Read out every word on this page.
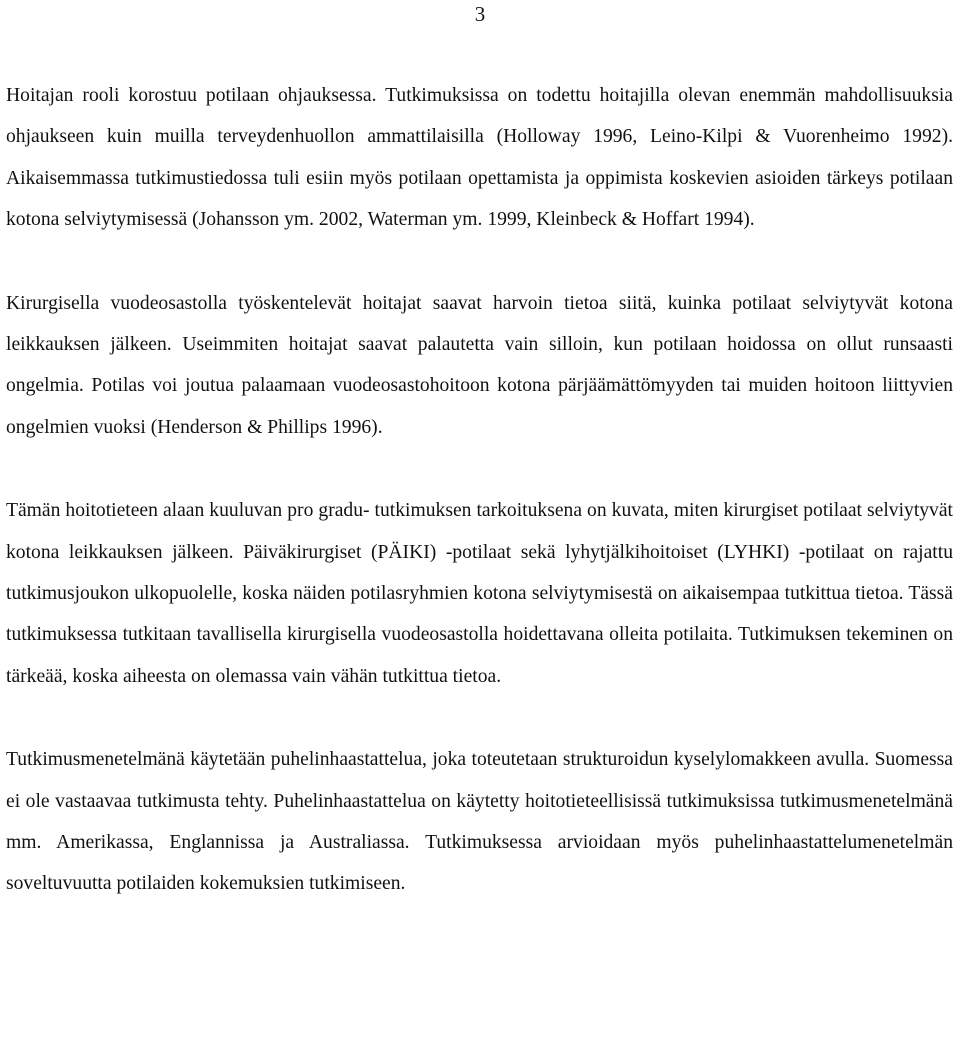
3

Hoitajan rooli korostuu potilaan ohjauksessa. Tutkimuksissa on todettu hoitajilla olevan enemmän mahdollisuuksia ohjaukseen kuin muilla terveydenhuollon ammattilaisilla (Holloway 1996, Leino-Kilpi & Vuorenheimo 1992). Aikaisemmassa tutkimustiedossa tuli esiin myös potilaan opettamista ja oppimista koskevien asioiden tärkeys potilaan kotona selviytymisessä (Johansson ym. 2002, Waterman ym. 1999, Kleinbeck & Hoffart 1994).

Kirurgisella vuodeosastolla työskentelevät hoitajat saavat harvoin tietoa siitä, kuinka potilaat selviytyvät kotona leikkauksen jälkeen. Useimmiten hoitajat saavat palautetta vain silloin, kun potilaan hoidossa on ollut runsaasti ongelmia. Potilas voi joutua palaamaan vuodeosastohoitoon kotona pärjäämättömyyden tai muiden hoitoon liittyvien ongelmien vuoksi (Henderson & Phillips 1996).

Tämän hoitotieteen alaan kuuluvan pro gradu- tutkimuksen tarkoituksena on kuvata, miten kirurgiset potilaat selviytyvät kotona leikkauksen jälkeen. Päiväkirurgiset (PÄIKI) -potilaat sekä lyhytjälkihoitoiset (LYHKI) -potilaat on rajattu tutkimusjoukon ulkopuolelle, koska näiden potilasryhmien kotona selviytymisestä on aikaisempaa tutkittua tietoa. Tässä tutkimuksessa tutkitaan tavallisella kirurgisella vuodeosastolla hoidettavana olleita potilaita. Tutkimuksen tekeminen on tärkeää, koska aiheesta on olemassa vain vähän tutkittua tietoa.

Tutkimusmenetelmänä käytetään puhelinhaastattelua, joka toteutetaan strukturoidun kyselylomakkeen avulla. Suomessa ei ole vastaavaa tutkimusta tehty. Puhelinhaastattelua on käytetty hoitotieteellisissä tutkimuksissa tutkimusmenetelmänä mm. Amerikassa, Englannissa ja Australiassa. Tutkimuksessa arvioidaan myös puhelinhaastattelumenetelmän soveltuvuutta potilaiden kokemuksien tutkimiseen.
